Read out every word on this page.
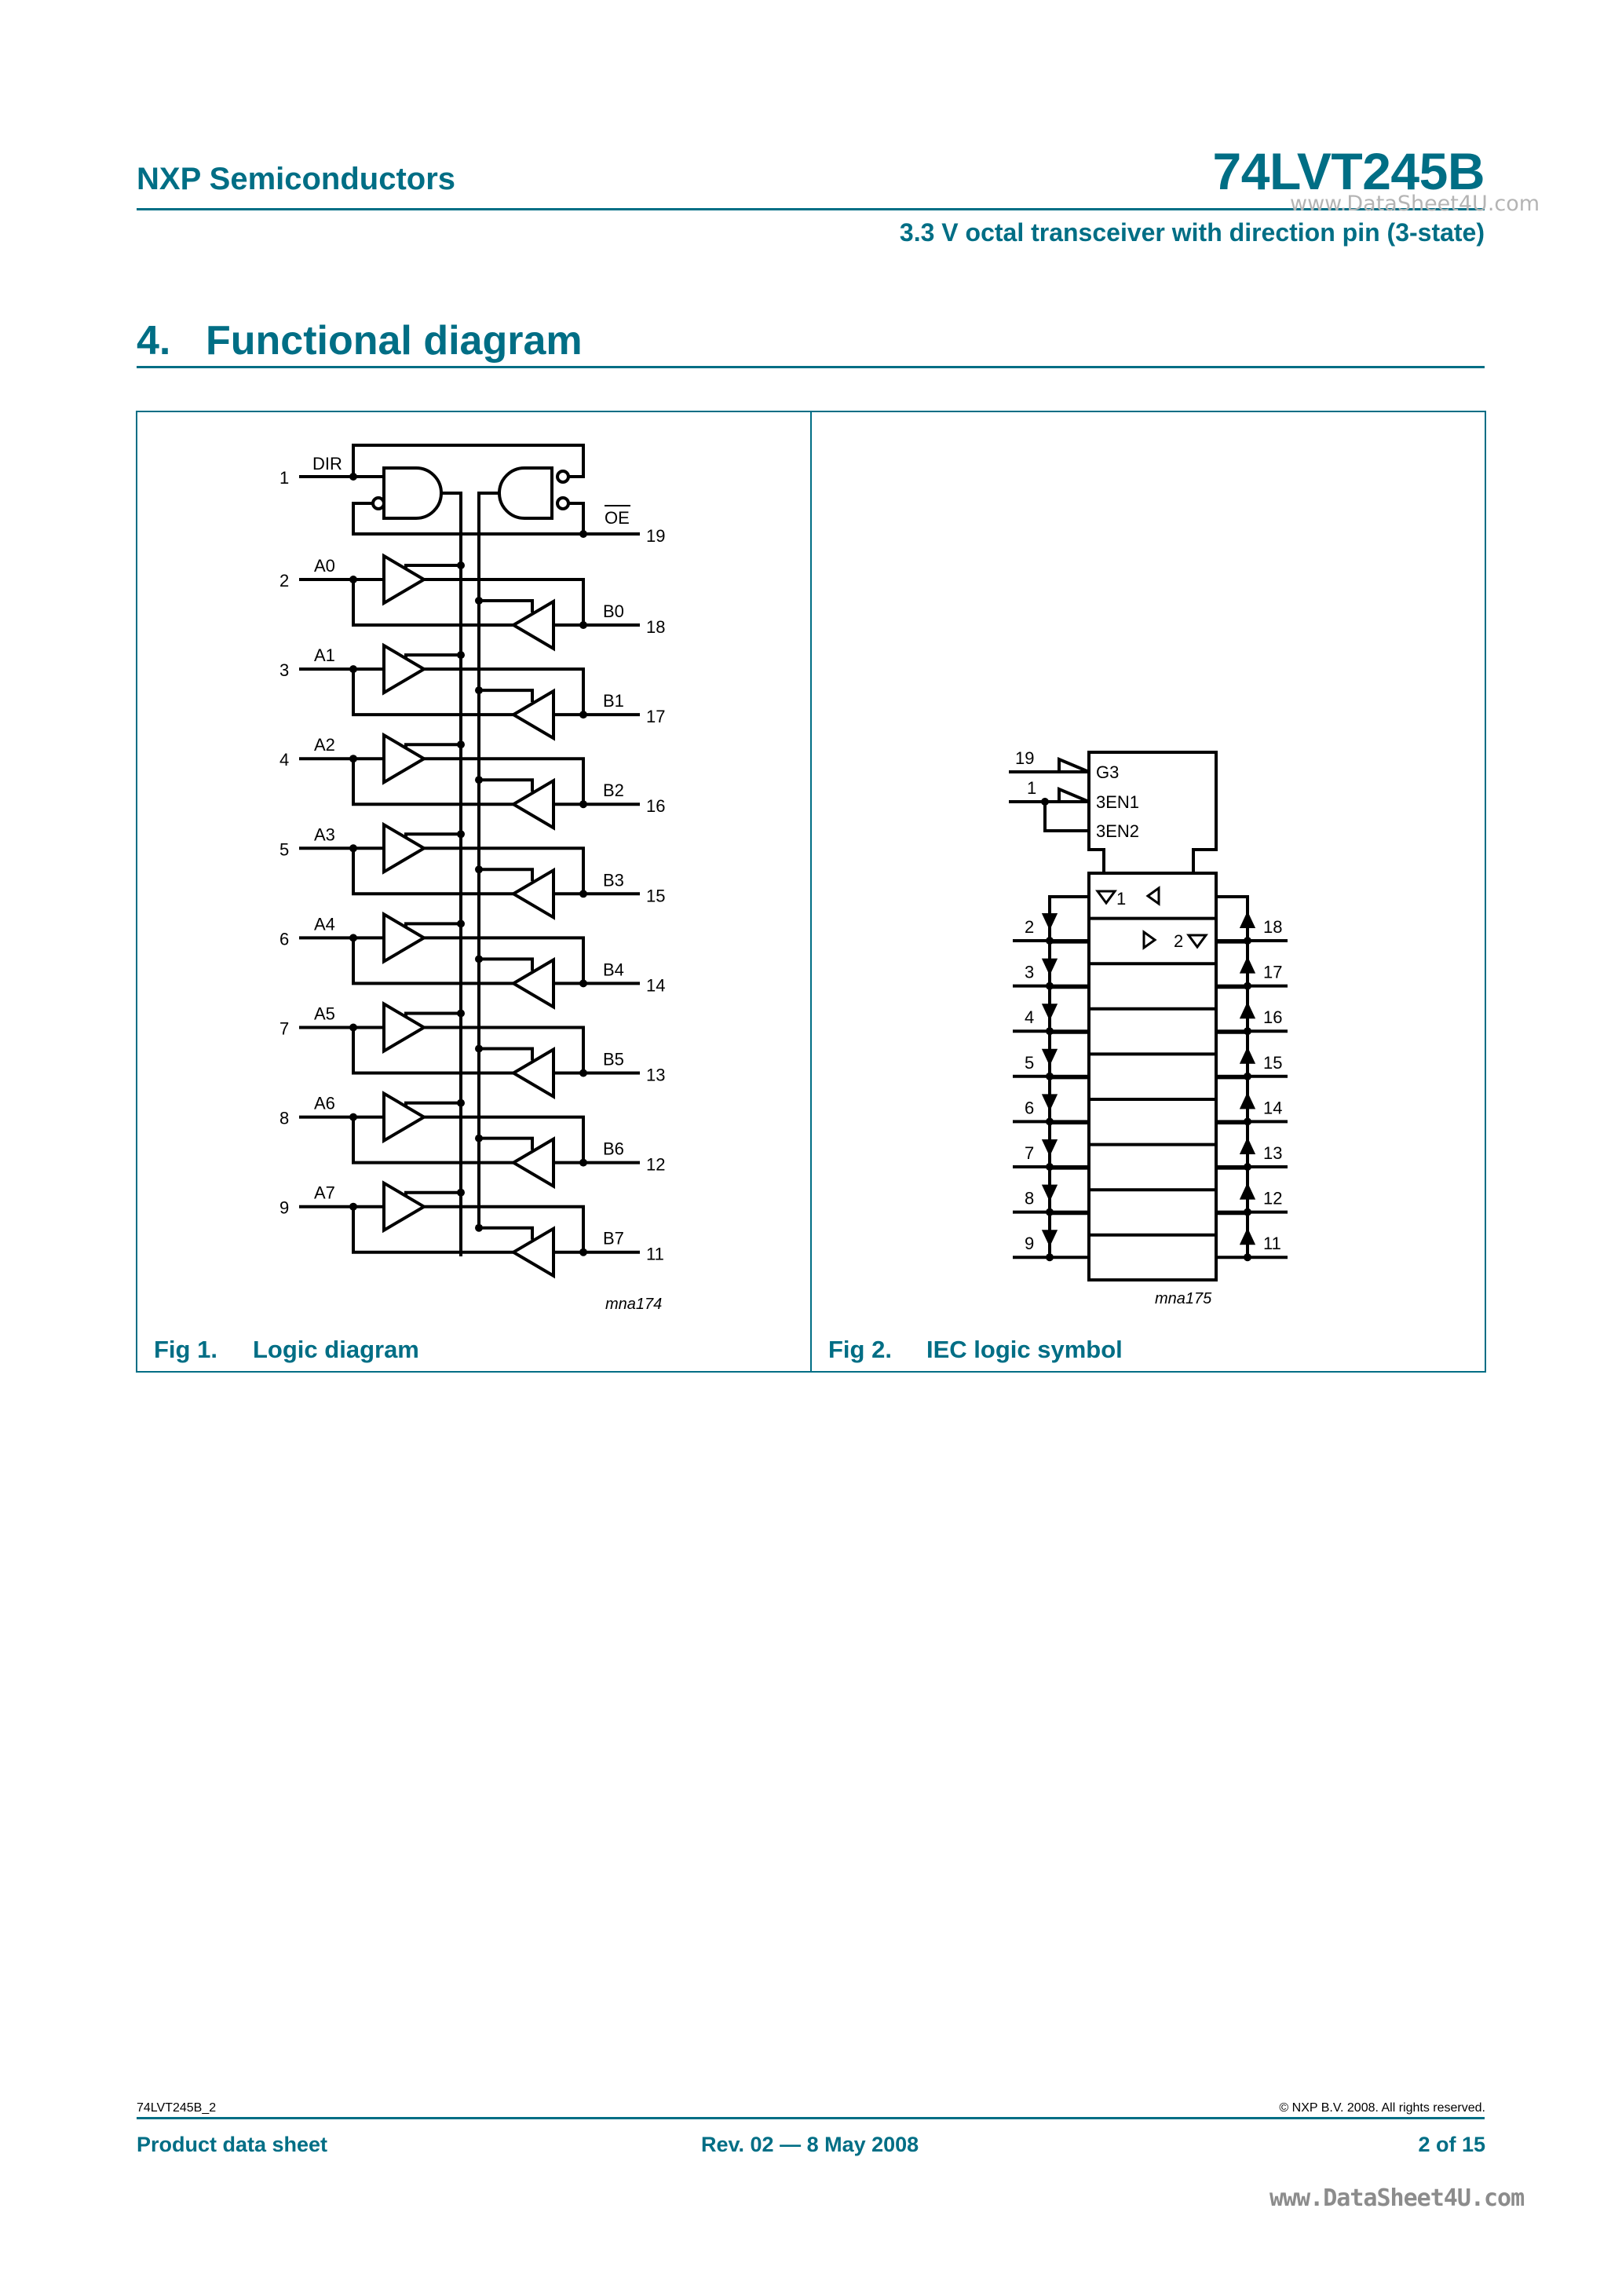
NXP Semiconductors	74LVT245B
www.DataSheet4U.com
3.3 V octal transceiver with direction pin (3-state)
4. Functional diagram
1
DIR
OE
19
2
A0
B0
18
3
A1
B1
17
4
A2
B2
16
5
A3
B3
15
6
A4
B4
14
7
A5
B5
13
8
A6
B6
12
9
A7
B7
11
mna174
G3
19
3EN1
1
3EN2
1
2
2
3
4
5
6
7
8
9
18
17
16
15
14
13
12
11
mna175
Fig 1. Logic diagram	Fig 2. IEC logic symbol
74LVT245B_2	© NXP B.V. 2008. All rights reserved.
Product data sheet	Rev. 02 — 8 May 2008	2 of 15
www.DataSheet4U.com
